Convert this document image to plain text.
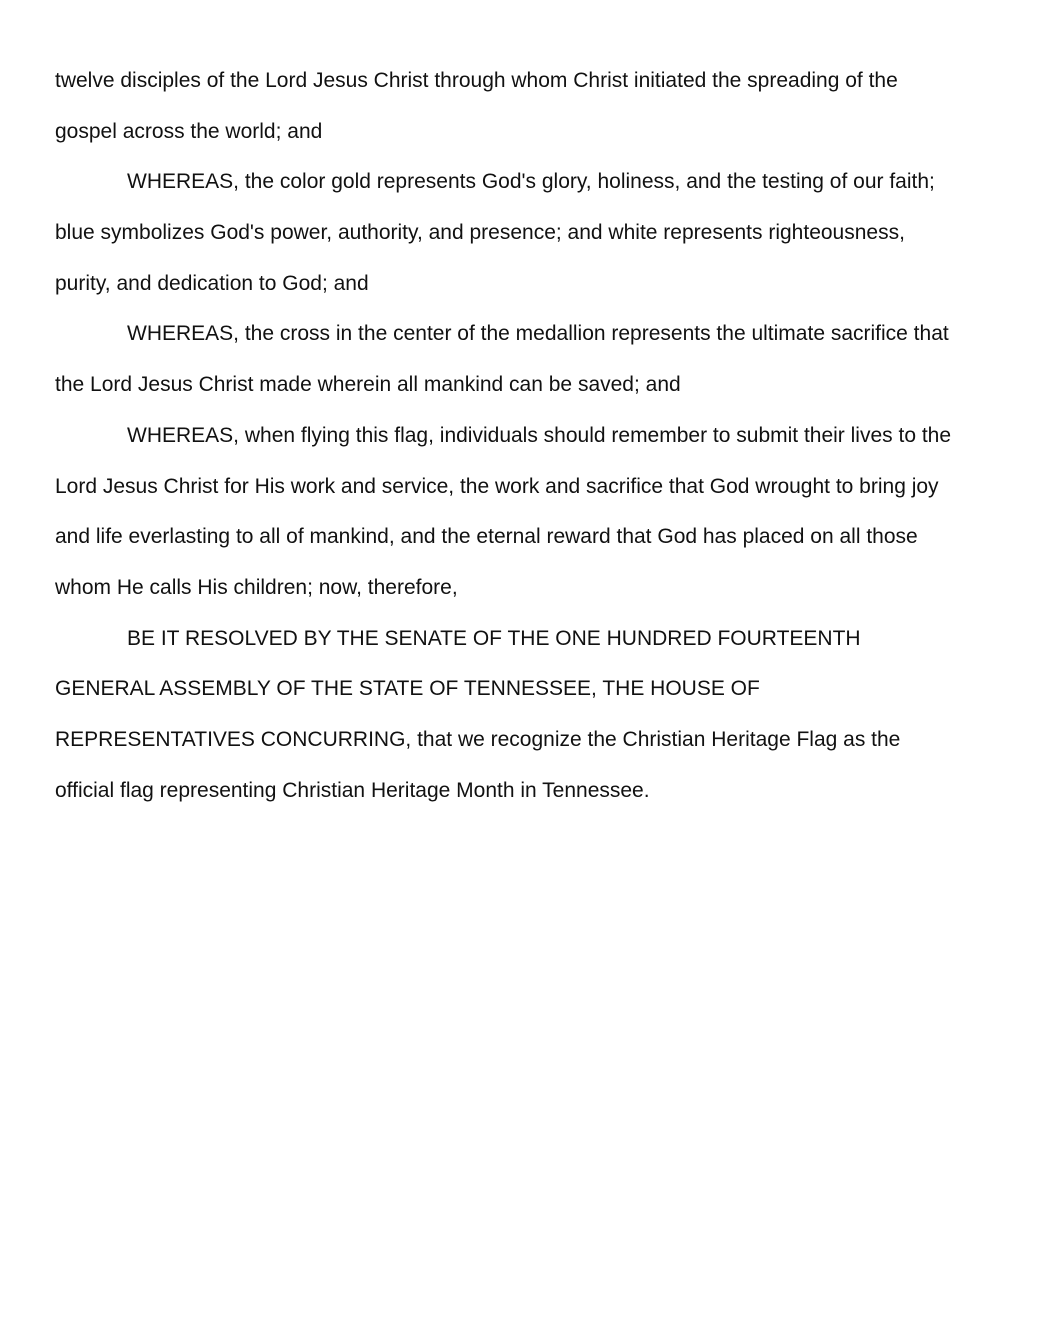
twelve disciples of the Lord Jesus Christ through whom Christ initiated the spreading of the
gospel across the world; and
WHEREAS, the color gold represents God's glory, holiness, and the testing of our faith;
blue symbolizes God's power, authority, and presence; and white represents righteousness,
purity, and dedication to God; and
WHEREAS, the cross in the center of the medallion represents the ultimate sacrifice that
the Lord Jesus Christ made wherein all mankind can be saved; and
WHEREAS, when flying this flag, individuals should remember to submit their lives to the
Lord Jesus Christ for His work and service, the work and sacrifice that God wrought to bring joy
and life everlasting to all of mankind, and the eternal reward that God has placed on all those
whom He calls His children; now, therefore,
BE IT RESOLVED BY THE SENATE OF THE ONE HUNDRED FOURTEENTH
GENERAL ASSEMBLY OF THE STATE OF TENNESSEE, THE HOUSE OF
REPRESENTATIVES CONCURRING, that we recognize the Christian Heritage Flag as the
official flag representing Christian Heritage Month in Tennessee.
